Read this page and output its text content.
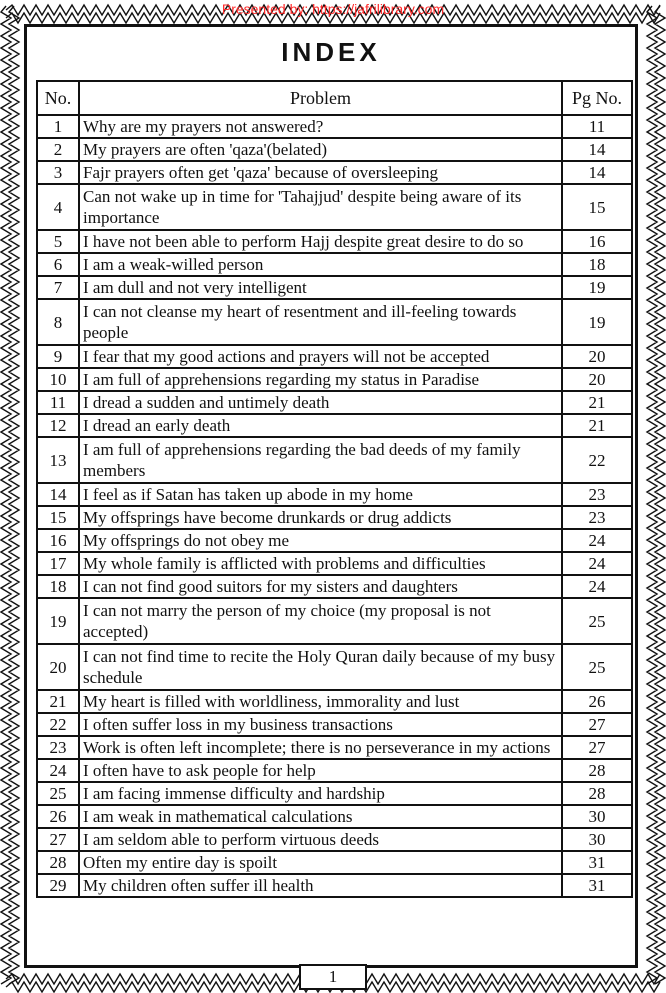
Presented by: https://jafrilibrary.com
INDEX
No.	Problem	Pg No.
1	Why are my prayers not answered?	11
2	My prayers are often 'qaza'(belated)	14
3	Fajr prayers often get 'qaza' because of oversleeping	14
4	Can not wake up in time for 'Tahajjud' despite being aware of its importance	15
5	I have not been able to perform Hajj despite great desire to do so	16
6	I am a weak-willed person	18
7	I am dull and not very intelligent	19
8	I can not cleanse my heart of resentment and ill-feeling towards people	19
9	I fear that my good actions and prayers will not be accepted	20
10	I am full of apprehensions regarding my status in Paradise	20
11	I dread a sudden and untimely death	21
12	I dread an early death	21
13	I am full of apprehensions regarding the bad deeds of my family members	22
14	I feel as if Satan has taken up abode in my home	23
15	My offsprings have become drunkards or drug addicts	23
16	My offsprings do not obey me	24
17	My whole family is afflicted with problems and difficulties	24
18	I can not find good suitors for my sisters and daughters	24
19	I can not marry the person of my choice (my proposal is not accepted)	25
20	I can not find time to recite the Holy Quran daily because of my busy schedule	25
21	My heart is filled with worldliness, immorality and lust	26
22	I often suffer loss in my business transactions	27
23	Work is often left incomplete; there is no perseverance in my actions	27
24	I often have to ask people for help	28
25	I am facing immense difficulty and hardship	28
26	I am weak in mathematical calculations	30
27	I am seldom able to perform virtuous deeds	30
28	Often my entire day is spoilt	31
29	My children often suffer ill health	31
1
